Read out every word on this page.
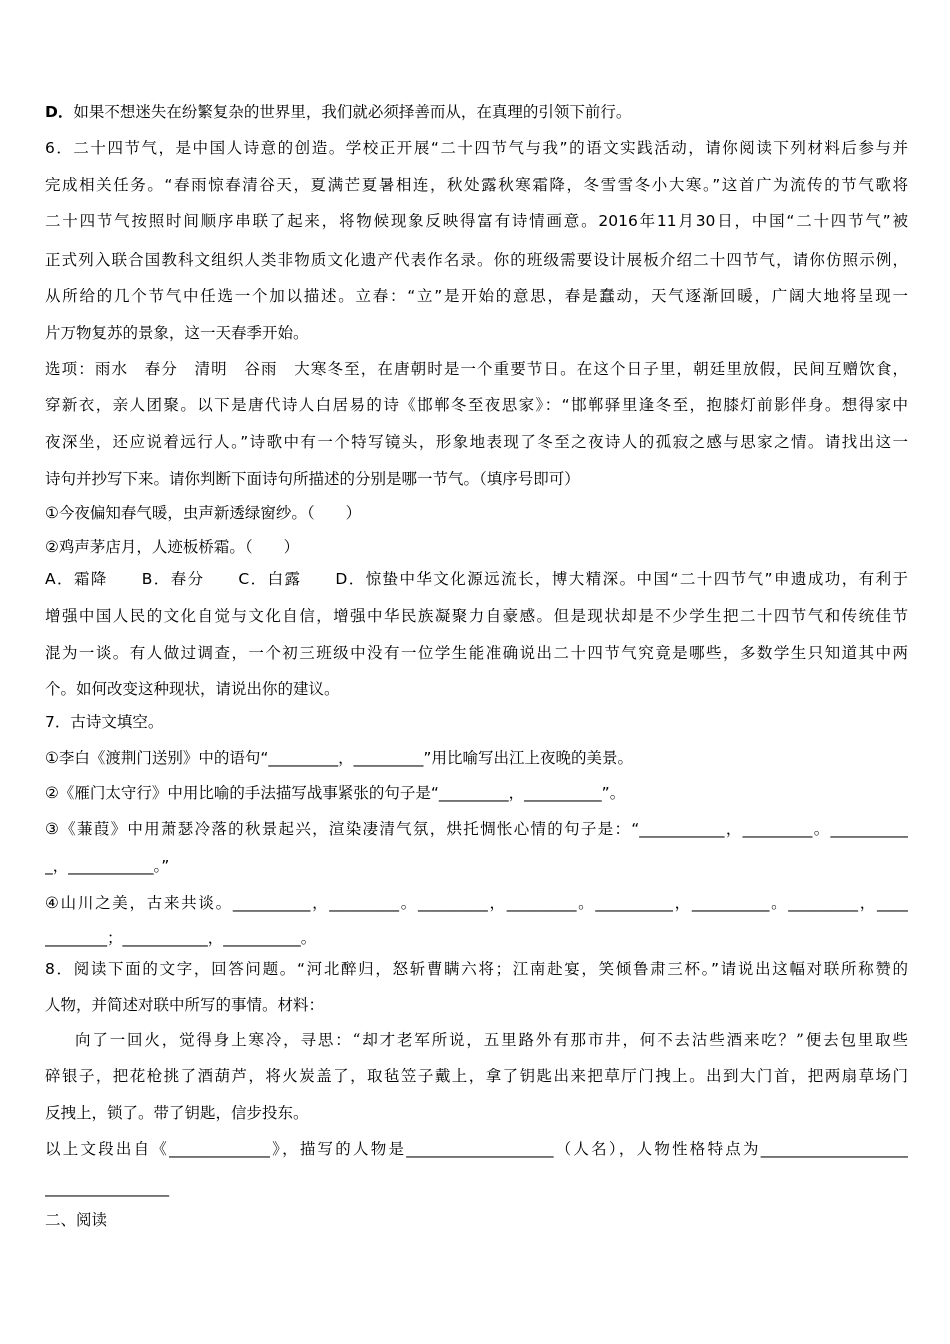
D．如果不想迷失在纷繁复杂的世界里，我们就必须择善而从，在真理的引领下前行。
6．二十四节气，是中国人诗意的创造。学校正开展“二十四节气与我”的语文实践活动，请你阅读下列材料后参与并
完成相关任务。“春雨惊春清谷天，夏满芒夏暑相连，秋处露秋寒霜降，冬雪雪冬小大寒。”这首广为流传的节气歌将
二十四节气按照时间顺序串联了起来，将物候现象反映得富有诗情画意。2016年11月30日，中国“二十四节气”被
正式列入联合国教科文组织人类非物质文化遗产代表作名录。你的班级需要设计展板介绍二十四节气，请你仿照示例，
从所给的几个节气中任选一个加以描述。立春：“立”是开始的意思，春是蠢动，天气逐渐回暖，广阔大地将呈现一
片万物复苏的景象，这一天春季开始。
选项：雨水　春分　清明　谷雨　大寒冬至，在唐朝时是一个重要节日。在这个日子里，朝廷里放假，民间互赠饮食，
穿新衣，亲人团聚。以下是唐代诗人白居易的诗《邯郸冬至夜思家》：“邯郸驿里逢冬至，抱膝灯前影伴身。想得家中
夜深坐，还应说着远行人。”诗歌中有一个特写镜头，形象地表现了冬至之夜诗人的孤寂之感与思家之情。请找出这一
诗句并抄写下来。请你判断下面诗句所描述的分别是哪一节气。（填序号即可）
①今夜偏知春气暖，虫声新透绿窗纱。（　　）
②鸡声茅店月，人迹板桥霜。（　　）
A．霜降　　B．春分　　C．白露　　D．惊蛰中华文化源远流长，博大精深。中国“二十四节气”申遗成功，有利于
增强中国人民的文化自觉与文化自信，增强中华民族凝聚力自豪感。但是现状却是不少学生把二十四节气和传统佳节
混为一谈。有人做过调查，一个初三班级中没有一位学生能准确说出二十四节气究竟是哪些，多数学生只知道其中两
个。如何改变这种现状，请说出你的建议。
7．古诗文填空。
①李白《渡荆门送别》中的语句“_________，_________”用比喻写出江上夜晚的美景。
②《雁门太守行》中用比喻的手法描写战事紧张的句子是“_________，__________”。
③《蒹葭》中用萧瑟冷落的秋景起兴，渲染凄清气氛，烘托惆怅心情的句子是：“___________，_________。__________
_，___________。”
④山川之美，古来共谈。__________，_________。_________，_________。__________，__________。_________，____
________；___________，__________。
8．阅读下面的文字，回答问题。“河北醉归，怒斩曹瞒六将；江南赴宴，笑倾鲁肃三杯。”请说出这幅对联所称赞的
人物，并简述对联中所写的事情。材料：
向了一回火，觉得身上寒冷，寻思：“却才老军所说，五里路外有那市井，何不去沽些酒来吃？”便去包里取些
碎银子，把花枪挑了酒葫芦，将火炭盖了，取毡笠子戴上，拿了钥匙出来把草厅门拽上。出到大门首，把两扇草场门
反拽上，锁了。带了钥匙，信步投东。
以上文段出自《_____________》，描写的人物是___________________（人名），人物性格特点为___________________
________________
二、阅读
